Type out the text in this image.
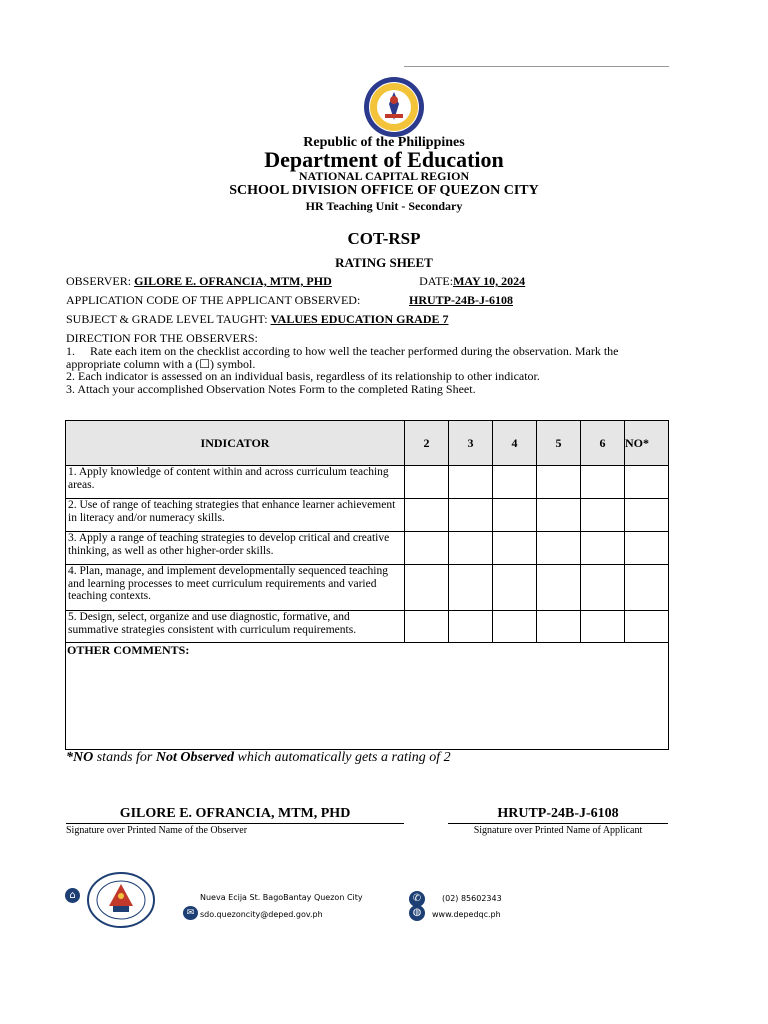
Republic of the Philippines
Department of Education
NATIONAL CAPITAL REGION
SCHOOL DIVISION OFFICE OF QUEZON CITY
HR Teaching Unit - Secondary
COT-RSP
RATING SHEET
OBSERVER: GILORE E. OFRANCIA, MTM, PHD	DATE:MAY 10, 2024
APPLICATION CODE OF THE APPLICANT OBSERVED:	HRUTP-24B-J-6108
SUBJECT & GRADE LEVEL TAUGHT: VALUES EDUCATION GRADE 7
DIRECTION FOR THE OBSERVERS:
1. Rate each item on the checklist according to how well the teacher performed during the observation. Mark the appropriate column with a (☐) symbol.
2. Each indicator is assessed on an individual basis, regardless of its relationship to other indicator.
3. Attach your accomplished Observation Notes Form to the completed Rating Sheet.
INDICATOR	2	3	4	5	6	NO*
1. Apply knowledge of content within and across curriculum teaching areas.						
2. Use of range of teaching strategies that enhance learner achievement in literacy and/or numeracy skills.						
3. Apply a range of teaching strategies to develop critical and creative thinking, as well as other higher-order skills.						

4. Plan, manage, and implement developmentally sequenced teaching and learning processes to meet curriculum requirements and varied teaching contexts.						

5. Design, select, organize and use diagnostic, formative, and summative strategies consistent with curriculum requirements.						
OTHER COMMENTS:
*NO stands for Not Observed which automatically gets a rating of 2
GILORE E. OFRANCIA, MTM, PHD
Signature over Printed Name of the Observer
HRUTP-24B-J-6108
Signature over Printed Name of Applicant
⌂	Nueva Ecija St. BagoBantay Quezon City
✉ sdo.quezoncity@deped.gov.ph
✆	(02) 85602343
◍	www.depedqc.ph
